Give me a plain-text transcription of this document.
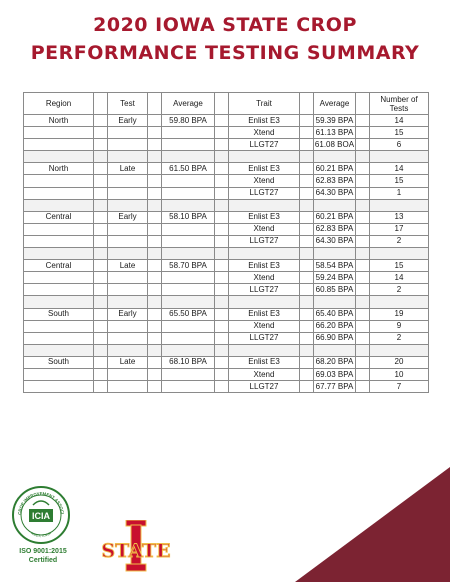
2020 IOWA STATE CROP
PERFORMANCE TESTING SUMMARY
Region		Test		Average		Trait		Average		Number of Tests
North		Early		59.80 BPA		Enlist E3		59.39 BPA		14
						Xtend		61.13 BPA		15
						LLGT27		61.08 BOA		6

North		Late		61.50 BPA		Enlist E3		60.21 BPA		14
						Xtend		62.83 BPA		15
						LLGT27		64.30 BPA		1

Central		Early		58.10 BPA		Enlist E3		60.21 BPA		13
						Xtend		62.83 BPA		17
						LLGT27		64.30 BPA		2

Central		Late		58.70 BPA		Enlist E3		58.54 BPA		15
						Xtend		59.24 BPA		14
						LLGT27		60.85 BPA		2

South		Early		65.50 BPA		Enlist E3		65.40 BPA		19
						Xtend		66.20 BPA		9
						LLGT27		66.90 BPA		2

South		Late		68.10 BPA		Enlist E3		68.20 BPA		20
						Xtend		69.03 BPA		10
						LLGT27		67.77 BPA		7
CROP IMPROVEMENT ASSOCI
AMES, IOWA
ICIA
ISO 9001:2015
Certified	STATE
